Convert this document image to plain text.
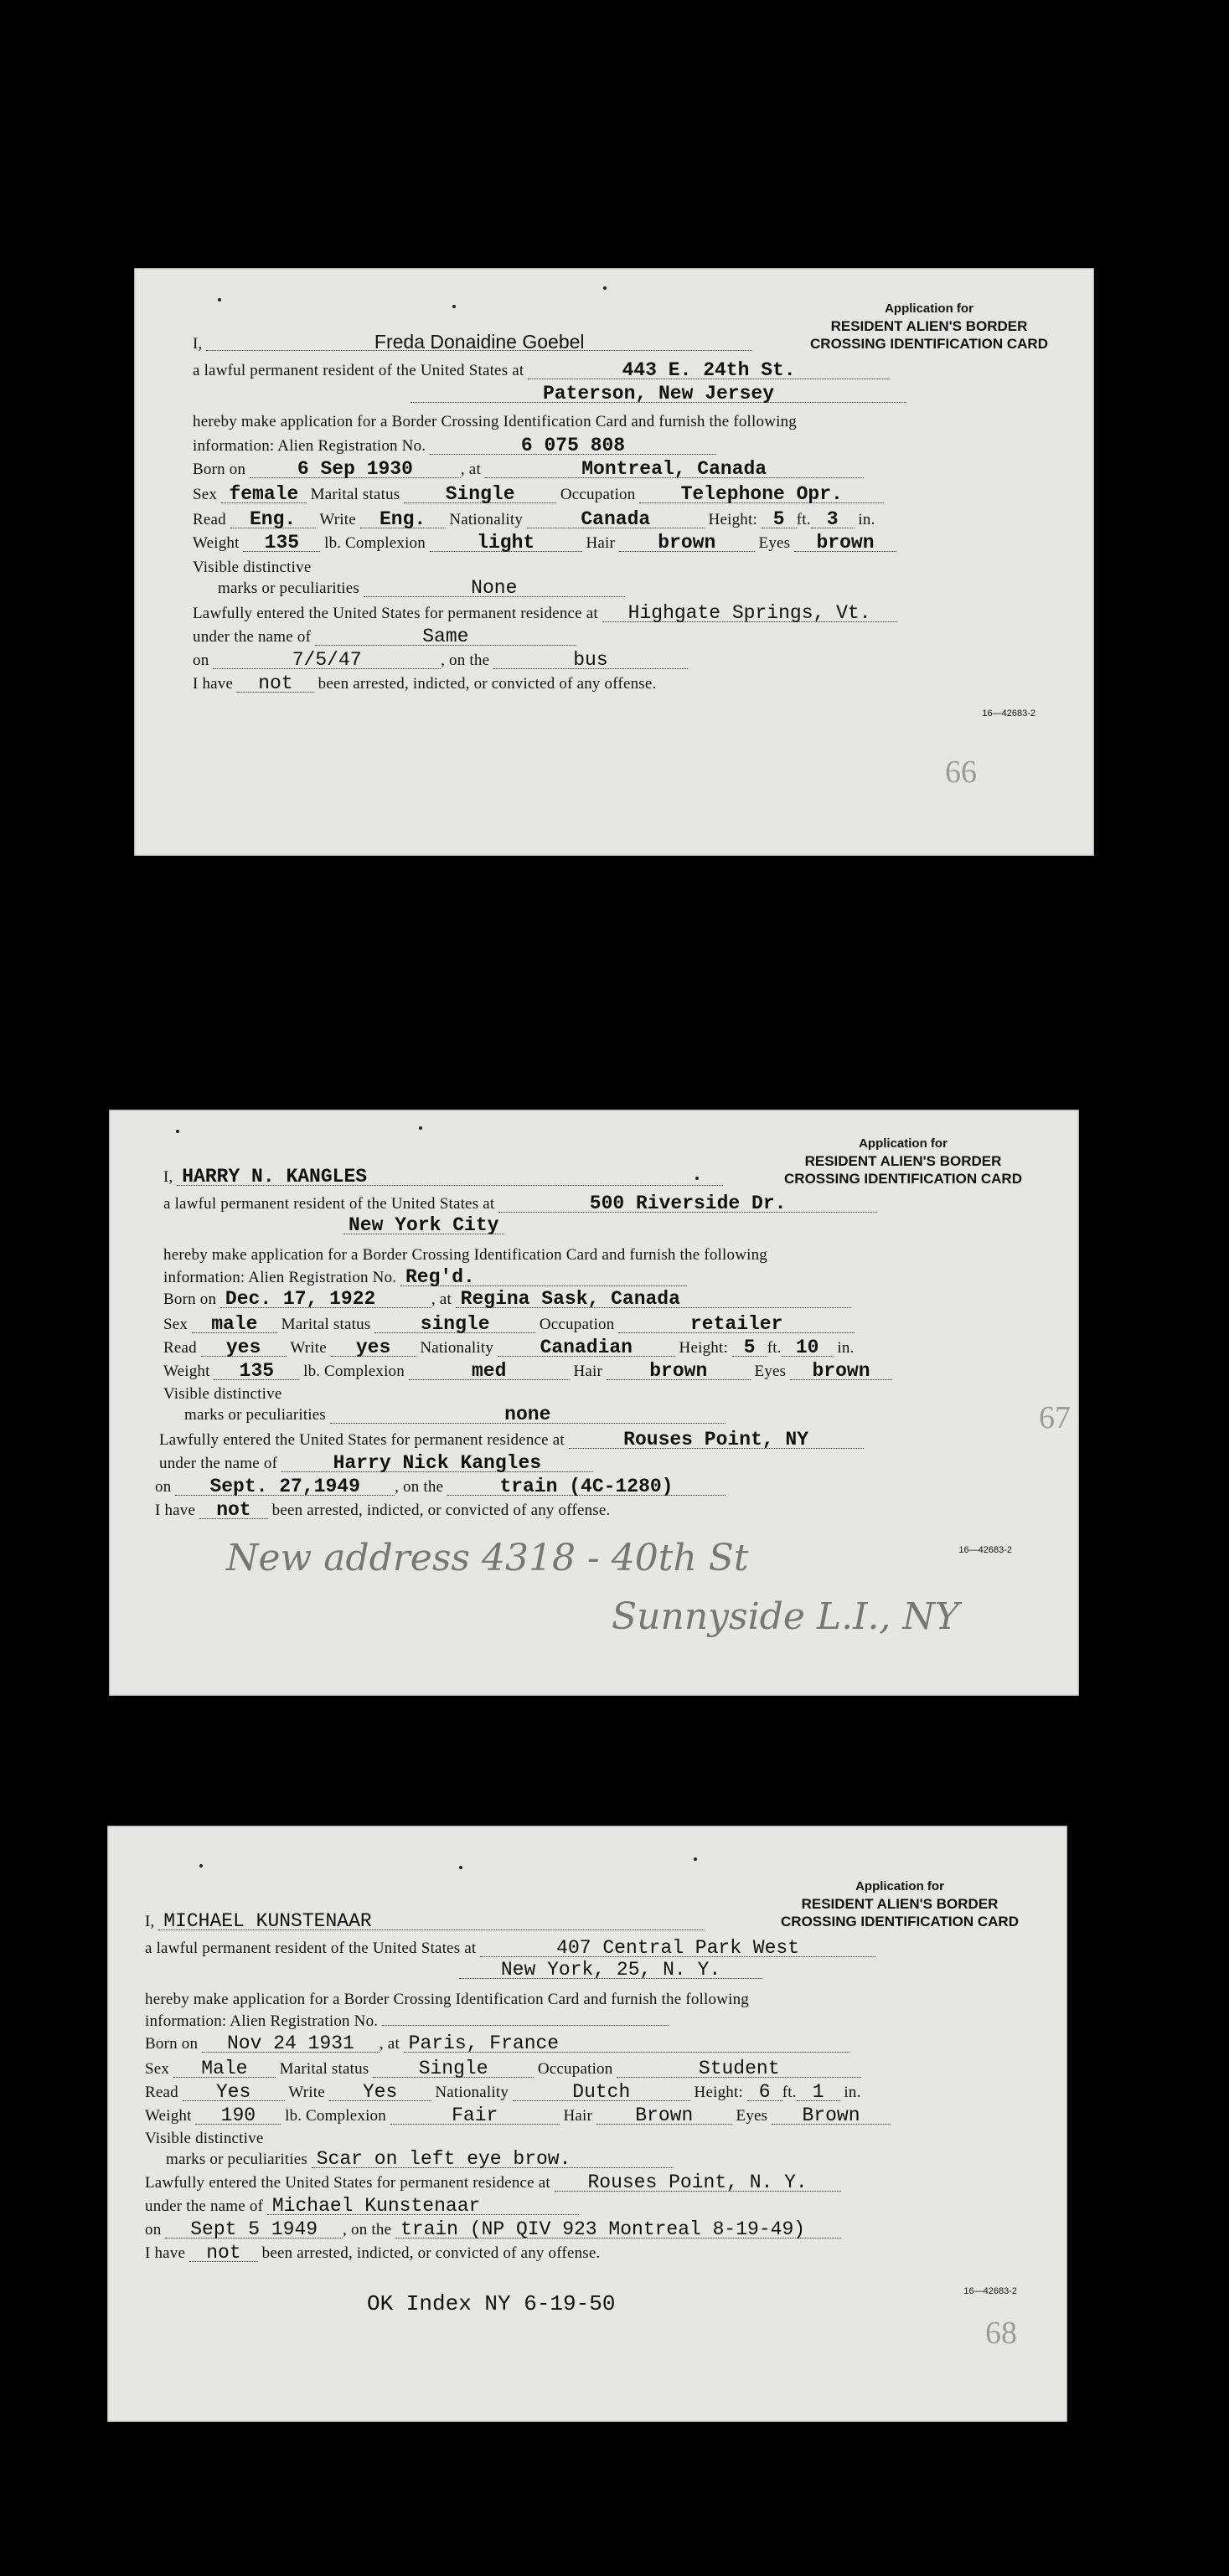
Application for
RESIDENT ALIEN'S BORDER
CROSSING IDENTIFICATION CARD
I,	Freda Donaidine Goebel
a lawful permanent resident of the United States at	443 E. 24th St.
Paterson, New Jersey
hereby make application for a Border Crossing Identification Card and furnish the following
information: Alien Registration No.	6 075 808
Born on	6 Sep 1930	, at	Montreal, Canada
Sex female Marital status Single	Occupation Telephone Opr.
Read Eng. Write Eng. Nationality	Canada	Height: 5 ft. 3 in.
Weight 135 lb. Complexion	light	Hair brown	Eyes brown
Visible distinctive
marks or peculiarities	None
Lawfully entered the United States for permanent residence at Highgate Springs, Vt.
under the name of	Same
on	7/5/47	, on the	bus
I have not been arrested, indicted, or convicted of any offense.
16—42683-2
66
Application for
RESIDENT ALIEN'S BORDER
CROSSING IDENTIFICATION CARD
I, HARRY N. KANGLES
a lawful permanent resident of the United States at	500 Riverside Dr.
New York City
hereby make application for a Border Crossing Identification Card and furnish the following
information: Alien Registration No. Reg'd.
Born on Dec. 17, 1922	, at Regina Sask, Canada
Sex male Marital status	single	Occupation	retailer
Read yes Write yes Nationality Canadian	Height: 5 ft. 10 in.
Weight 135 lb. Complexion	med	Hair brown	Eyes brown
Visible distinctive
marks or peculiarities	none
Lawfully entered the United States for permanent residence at	Rouses Point, NY
under the name of	Harry Nick Kangles
on Sept. 27,1949 , on the	train (4C-1280)
I have not been arrested, indicted, or convicted of any offense.
16—42683-2
67
New address 4318 - 40th St
Sunnyside L.I., NY
Application for
RESIDENT ALIEN'S BORDER
CROSSING IDENTIFICATION CARD
I, MICHAEL KUNSTENAAR
a lawful permanent resident of the United States at	407 Central Park West
New York, 25, N. Y.
hereby make application for a Border Crossing Identification Card and furnish the following
information: Alien Registration No.
Born on Nov 24 1931 , at Paris, France
Sex Male Marital status	Single	Occupation	Student
Read Yes Write Yes Nationality	Dutch	Height: 6 ft. 1 in.
Weight 190 lb. Complexion	Fair	Hair Brown	Eyes Brown
Visible distinctive
marks or peculiarities Scar on left eye brow.
Lawfully entered the United States for permanent residence at Rouses Point, N. Y.
under the name of Michael Kunstenaar
on Sept 5 1949 , on the train (NP QIV 923 Montreal 8-19-49)
I have not been arrested, indicted, or convicted of any offense.
OK Index NY 6-19-50	16—42683-2
68
